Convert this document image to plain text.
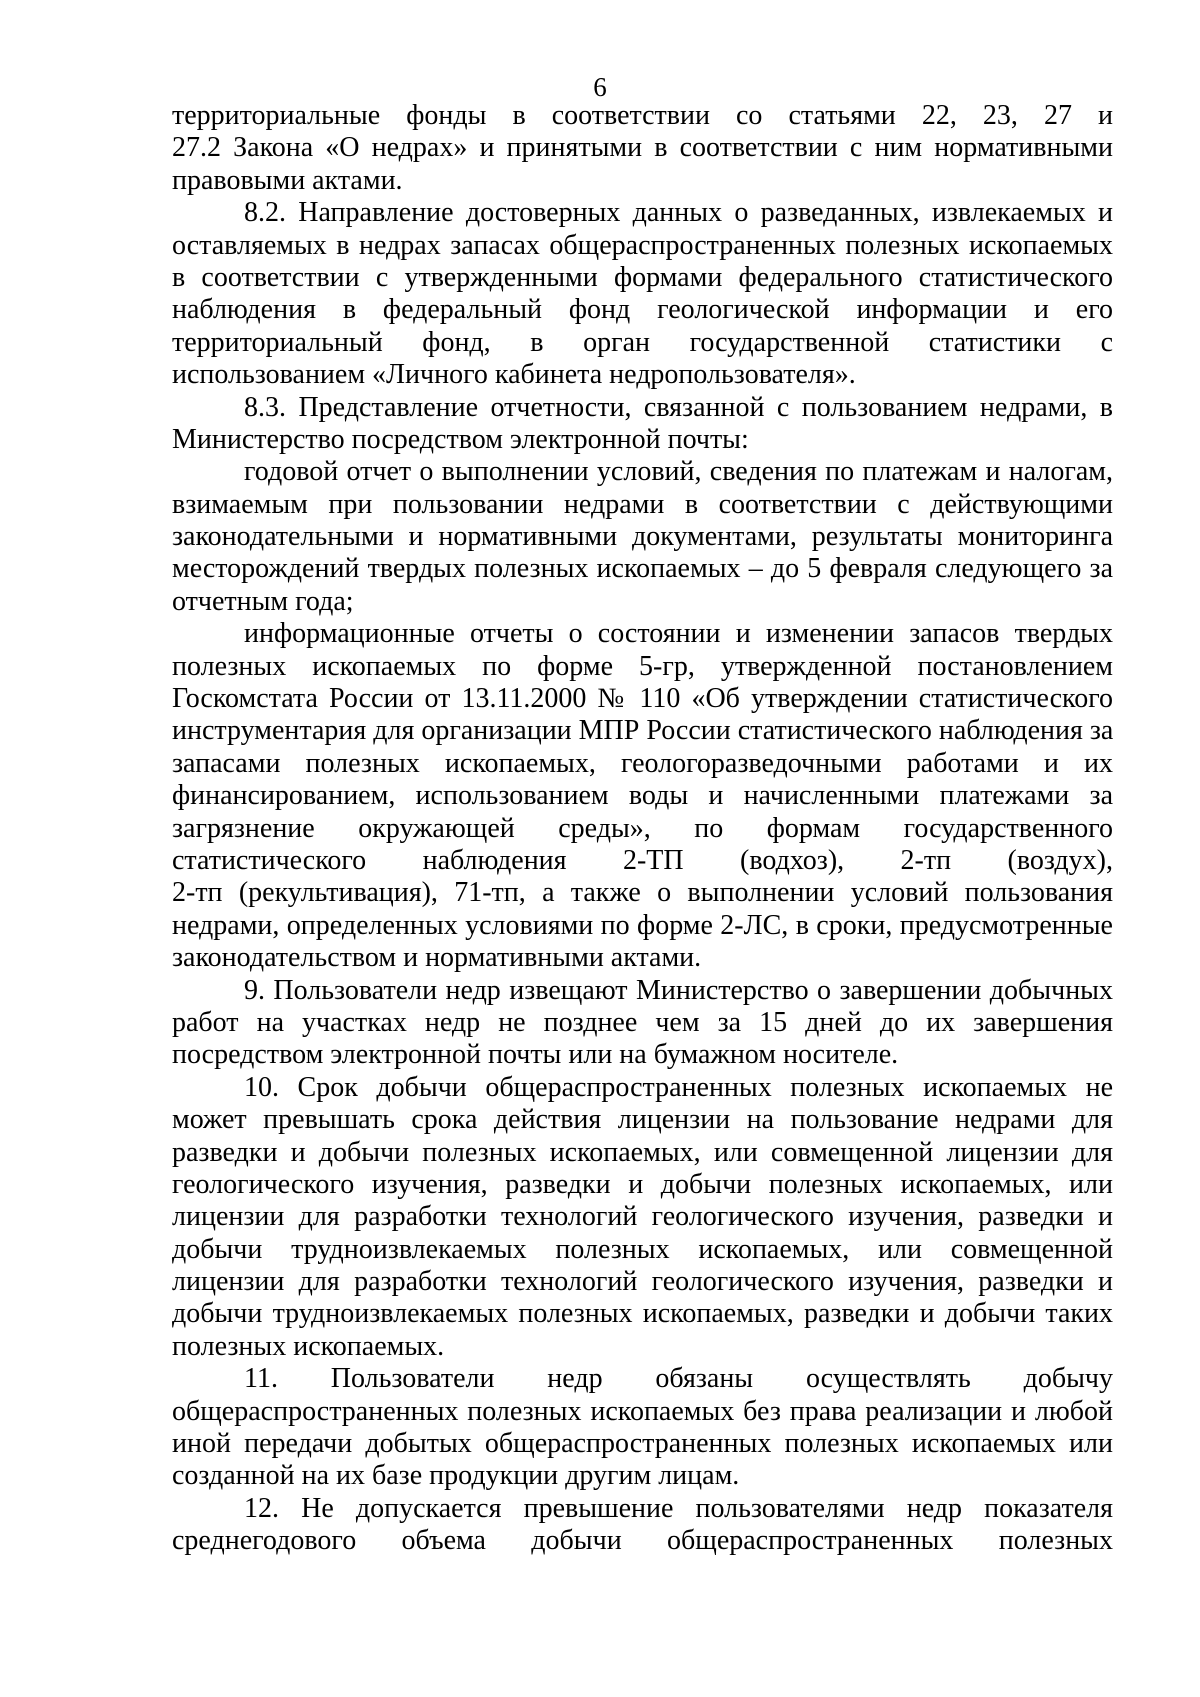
6
территориальные фонды в соответствии со статьями 22, 23, 27 и
27.2 Закона «О недрах» и принятыми в соответствии с ним нормативными
правовыми актами.
8.2. Направление достоверных данных о разведанных, извлекаемых и
оставляемых в недрах запасах общераспространенных полезных ископаемых
в соответствии с утвержденными формами федерального статистического
наблюдения в федеральный фонд геологической информации и его
территориальный фонд, в орган государственной статистики с
использованием «Личного кабинета недропользователя».
8.3. Представление отчетности, связанной с пользованием недрами, в
Министерство посредством электронной почты:
годовой отчет о выполнении условий, сведения по платежам и налогам,
взимаемым при пользовании недрами в соответствии с действующими
законодательными и нормативными документами, результаты мониторинга
месторождений твердых полезных ископаемых – до 5 февраля следующего за
отчетным года;
информационные отчеты о состоянии и изменении запасов твердых
полезных ископаемых по форме 5-гр, утвержденной постановлением
Госкомстата России от 13.11.2000 № 110 «Об утверждении статистического
инструментария для организации МПР России статистического наблюдения за
запасами полезных ископаемых, геологоразведочными работами и их
финансированием, использованием воды и начисленными платежами за
загрязнение окружающей среды», по формам государственного
статистического наблюдения 2-ТП (водхоз), 2-тп (воздух),
2-тп (рекультивация), 71-тп, а также о выполнении условий пользования
недрами, определенных условиями по форме 2-ЛС, в сроки, предусмотренные
законодательством и нормативными актами.
9. Пользователи недр извещают Министерство о завершении добычных
работ на участках недр не позднее чем за 15 дней до их завершения
посредством электронной почты или на бумажном носителе.
10. Срок добычи общераспространенных полезных ископаемых не
может превышать срока действия лицензии на пользование недрами для
разведки и добычи полезных ископаемых, или совмещенной лицензии для
геологического изучения, разведки и добычи полезных ископаемых, или
лицензии для разработки технологий геологического изучения, разведки и
добычи трудноизвлекаемых полезных ископаемых, или совмещенной
лицензии для разработки технологий геологического изучения, разведки и
добычи трудноизвлекаемых полезных ископаемых, разведки и добычи таких
полезных ископаемых.
11. Пользователи недр обязаны осуществлять добычу
общераспространенных полезных ископаемых без права реализации и любой
иной передачи добытых общераспространенных полезных ископаемых или
созданной на их базе продукции другим лицам.
12. Не допускается превышение пользователями недр показателя
среднегодового объема добычи общераспространенных полезных
